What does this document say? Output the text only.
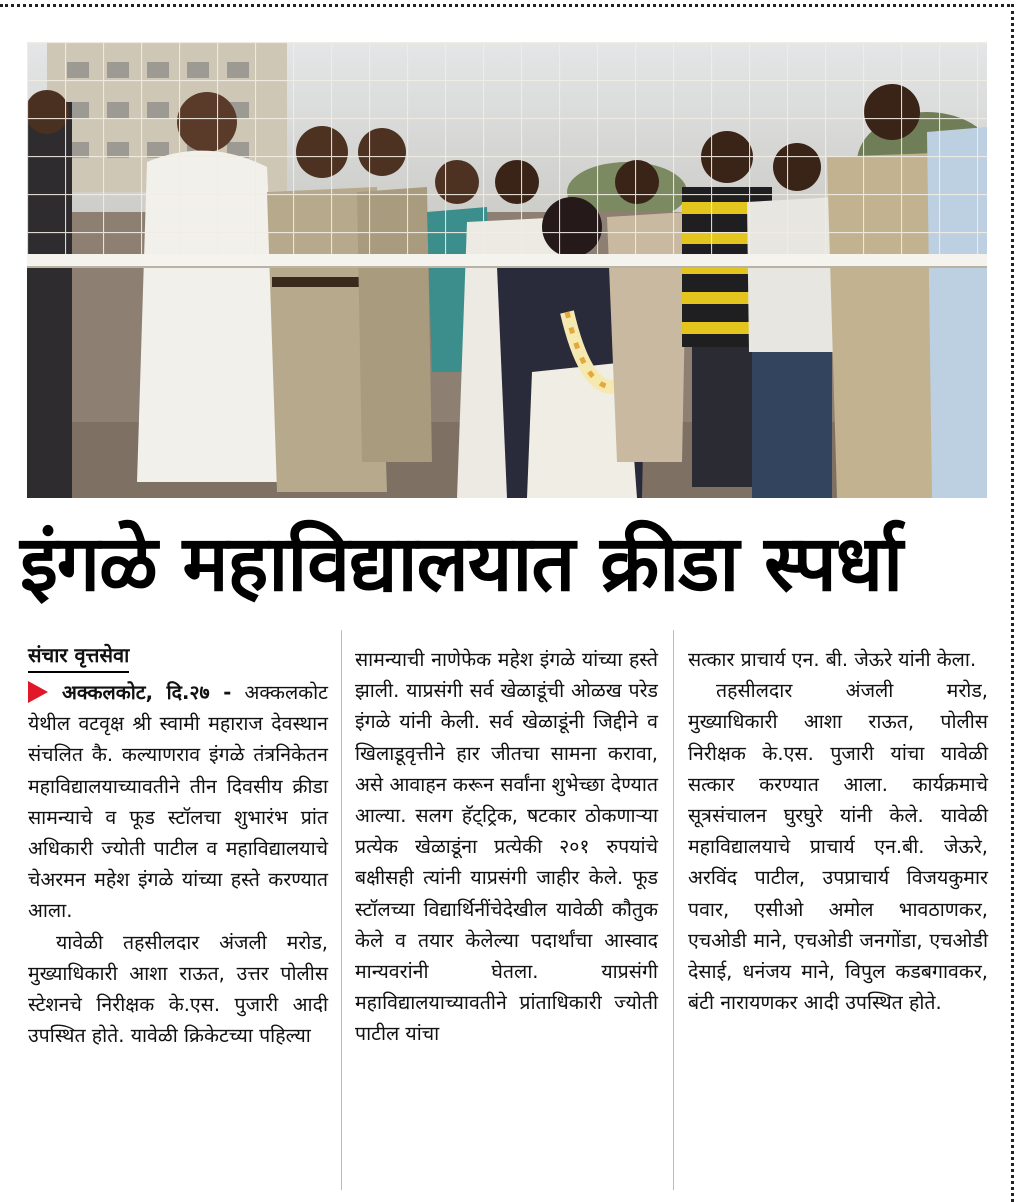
इंगळे महाविद्यालयात क्रीडा स्पर्धा
संचार वृत्तसेवा

अक्कलकोट, दि.२७ - अक्कलकोट येथील वटवृक्ष श्री स्वामी महाराज देवस्थान संचलित कै. कल्याणराव इंगळे तंत्रनिकेतन महाविद्यालयाच्यावतीने तीन दिवसीय क्रीडा सामन्याचे व फूड स्टॉलचा शुभारंभ प्रांत अधिकारी ज्योती पाटील व महाविद्यालयाचे चेअरमन महेश इंगळे यांच्या हस्ते करण्यात आला.

यावेळी तहसीलदार अंजली मरोड, मुख्याधिकारी आशा राऊत, उत्तर पोलीस स्टेशनचे निरीक्षक के.एस. पुजारी आदी उपस्थित होते. यावेळी क्रिकेटच्या पहिल्या

सामन्याची नाणेफेक महेश इंगळे यांच्या हस्ते झाली. याप्रसंगी सर्व खेळाडूंची ओळख परेड इंगळे यांनी केली. सर्व खेळाडूंनी जिद्दीने व खिलाडूवृत्तीने हार जीतचा सामना करावा, असे आवाहन करून सर्वांना शुभेच्छा देण्यात आल्या. सलग हॅट्ट्रिक, षटकार ठोकणाऱ्या प्रत्येक खेळाडूंना प्रत्येकी २०१ रुपयांचे बक्षीसही त्यांनी याप्रसंगी जाहीर केले. फूड स्टॉलच्या विद्यार्थिनींचेदेखील यावेळी कौतुक केले व तयार केलेल्या पदार्थांचा आस्वाद मान्यवरांनी घेतला. याप्रसंगी महाविद्यालयाच्यावतीने प्रांताधिकारी ज्योती पाटील यांचा

सत्कार प्राचार्य एन. बी. जेऊरे यांनी केला.

तहसीलदार अंजली मरोड, मुख्याधिकारी आशा राऊत, पोलीस निरीक्षक के.एस. पुजारी यांचा यावेळी सत्कार करण्यात आला. कार्यक्रमाचे सूत्रसंचालन घुरघुरे यांनी केले. यावेळी महाविद्यालयाचे प्राचार्य एन.बी. जेऊरे, अरविंद पाटील, उपप्राचार्य विजयकुमार पवार, एसीओ अमोल भावठाणकर, एचओडी माने, एचओडी जनगोंडा, एचओडी देसाई, धनंजय माने, विपुल कडबगावकर, बंटी नारायणकर आदी उपस्थित होते.
